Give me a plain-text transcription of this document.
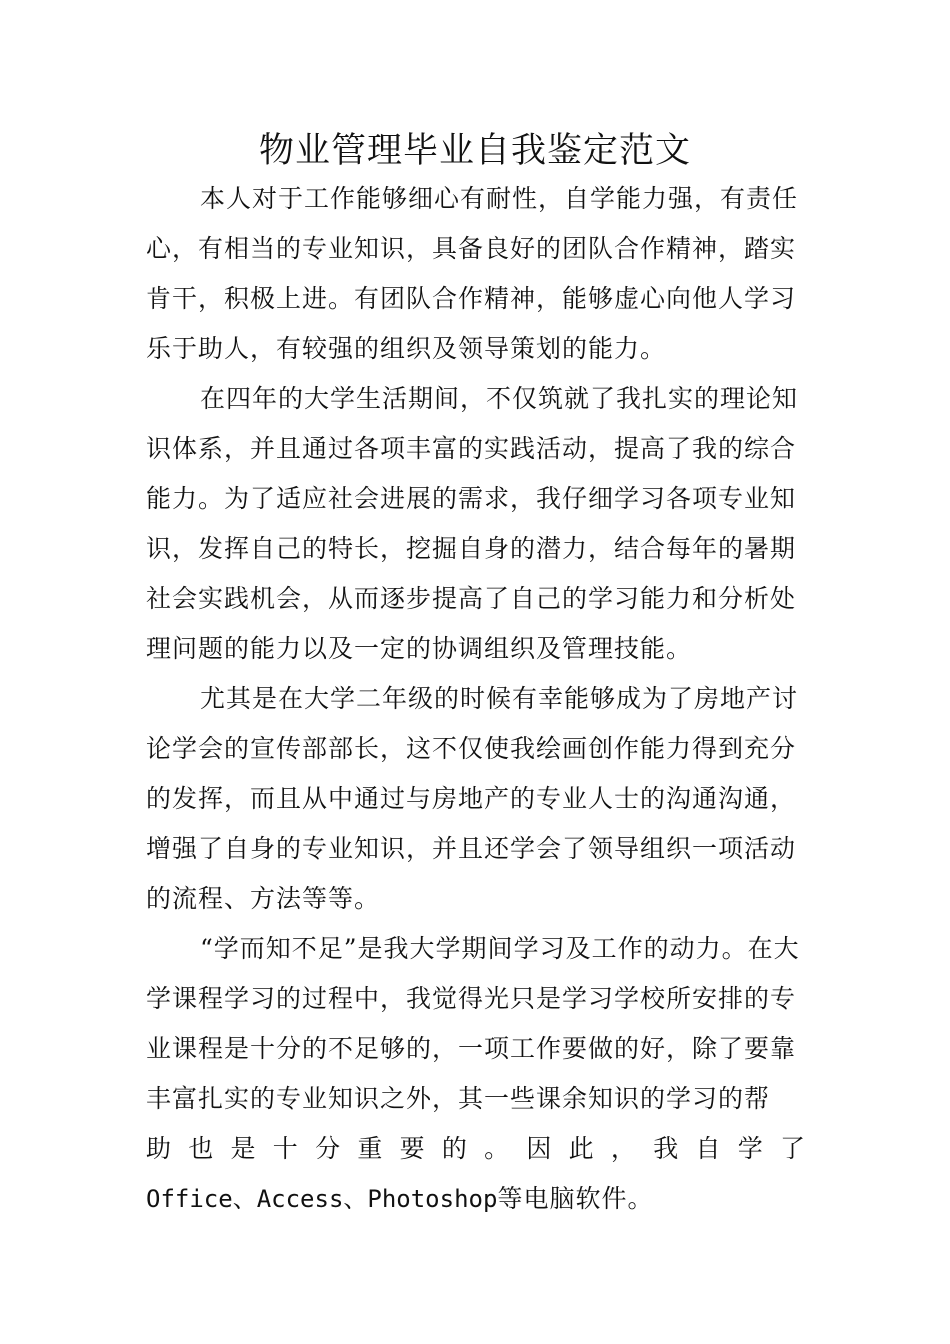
物业管理毕业自我鉴定范文

本人对于工作能够细心有耐性，自学能力强，有责任心，有相当的专业知识，具备良好的团队合作精神，踏实肯干，积极上进。有团队合作精神，能够虚心向他人学习乐于助人，有较强的组织及领导策划的能力。

在四年的大学生活期间，不仅筑就了我扎实的理论知识体系，并且通过各项丰富的实践活动，提高了我的综合能力。为了适应社会进展的需求，我仔细学习各项专业知识，发挥自己的特长，挖掘自身的潜力，结合每年的暑期社会实践机会，从而逐步提高了自己的学习能力和分析处理问题的能力以及一定的协调组织及管理技能。

尤其是在大学二年级的时候有幸能够成为了房地产讨论学会的宣传部部长，这不仅使我绘画创作能力得到充分的发挥，而且从中通过与房地产的专业人士的沟通沟通，增强了自身的专业知识，并且还学会了领导组织一项活动的流程、方法等等。

“学而知不足”是我大学期间学习及工作的动力。在大学课程学习的过程中，我觉得光只是学习学校所安排的专业课程是十分的不足够的，一项工作要做的好，除了要靠丰富扎实的专业知识之外，其一些课余知识的学习的帮

助 也 是 十 分 重 要 的 。 因 此 ， 我 自 学 了

Office、Access、Photoshop等电脑软件。
